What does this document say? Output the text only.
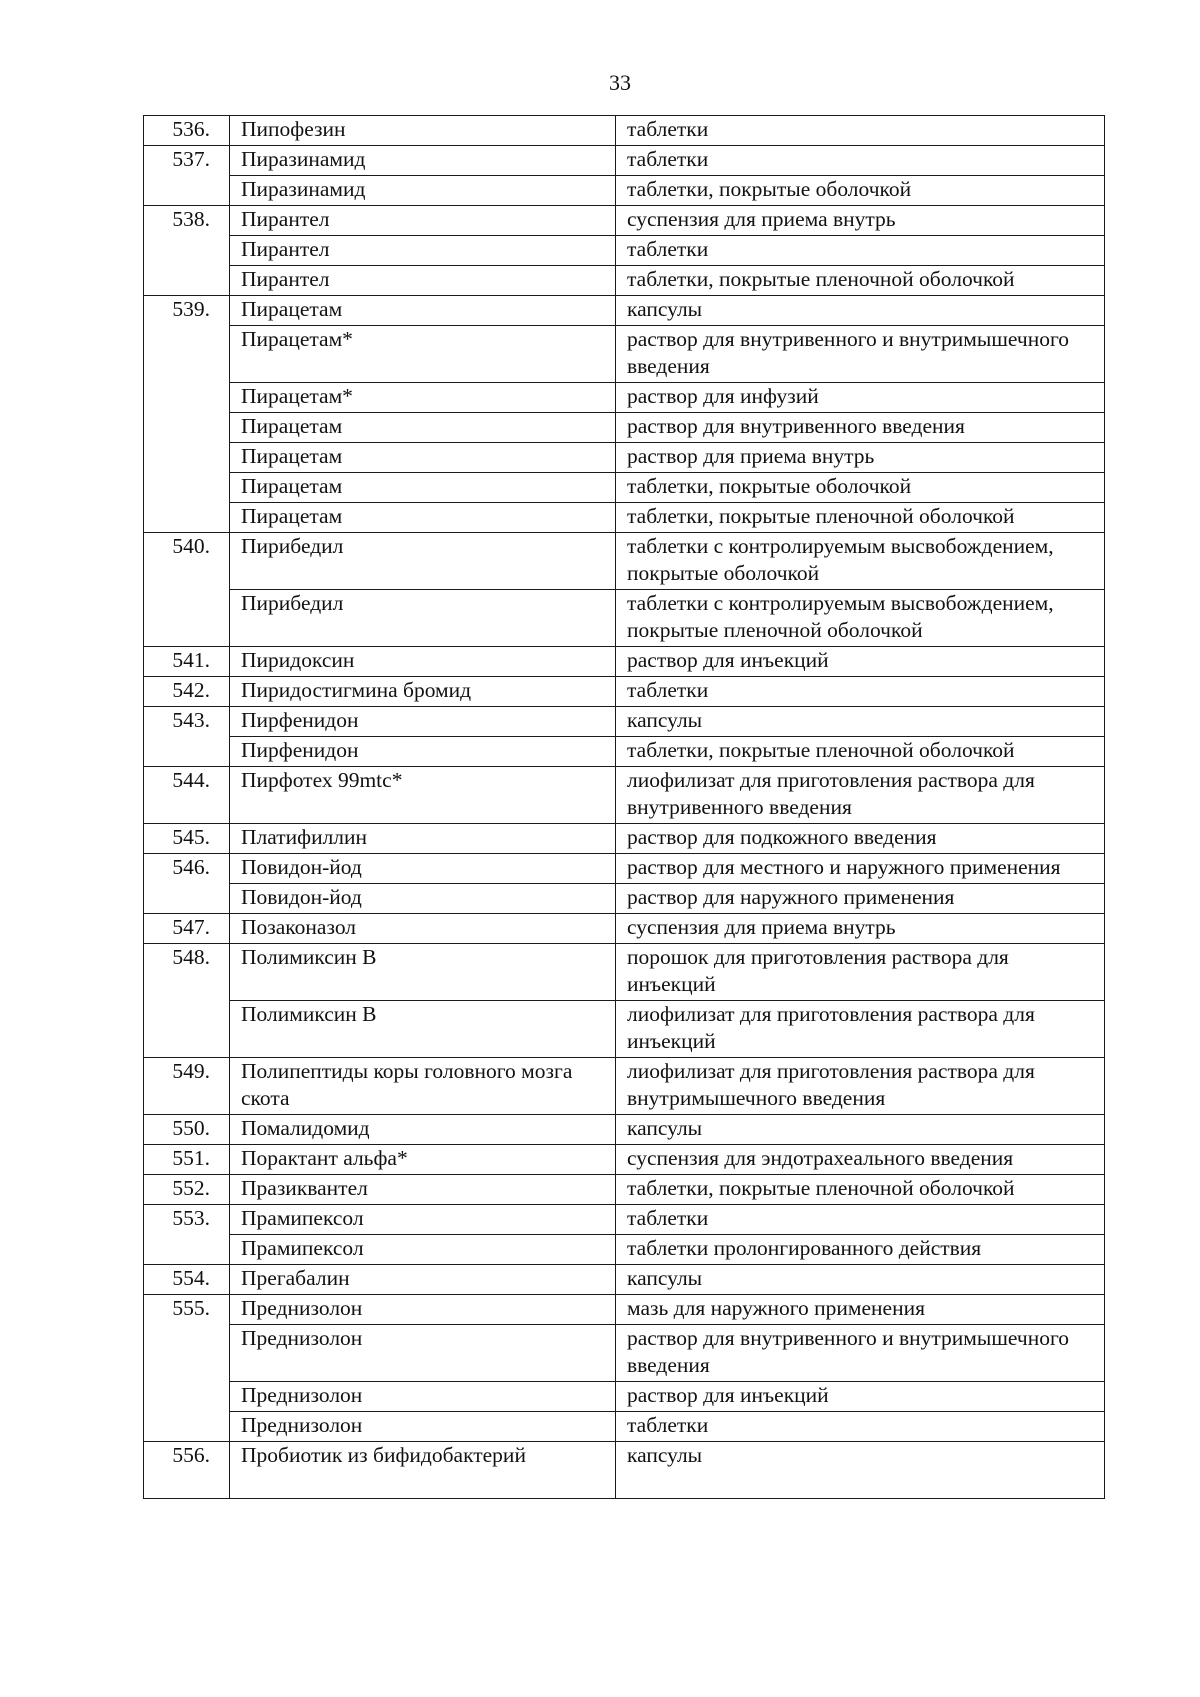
33
536.	Пипофезин	таблетки
537.	Пиразинамид	таблетки
	Пиразинамид	таблетки, покрытые оболочкой
538.	Пирантел	суспензия для приема внутрь
	Пирантел	таблетки
	Пирантел	таблетки, покрытые пленочной оболочкой
539.	Пирацетам	капсулы
	Пирацетам*	раствор для внутривенного и внутримышечного введения
	Пирацетам*	раствор для инфузий
	Пирацетам	раствор для внутривенного введения
	Пирацетам	раствор для приема внутрь
	Пирацетам	таблетки, покрытые оболочкой
	Пирацетам	таблетки, покрытые пленочной оболочкой
540.	Пирибедил	таблетки с контролируемым высвобождением, покрытые оболочкой
	Пирибедил	таблетки с контролируемым высвобождением, покрытые пленочной оболочкой
541.	Пиридоксин	раствор для инъекций
542.	Пиридостигмина бромид	таблетки
543.	Пирфенидон	капсулы
	Пирфенидон	таблетки, покрытые пленочной оболочкой
544.	Пирфотех 99mtc*	лиофилизат для приготовления раствора для внутривенного введения
545.	Платифиллин	раствор для подкожного введения
546.	Повидон-йод	раствор для местного и наружного применения
	Повидон-йод	раствор для наружного применения
547.	Позаконазол	суспензия для приема внутрь
548.	Полимиксин В	порошок для приготовления раствора для инъекций
	Полимиксин В	лиофилизат для приготовления раствора для инъекций
549.	Полипептиды коры головного мозга скота	лиофилизат для приготовления раствора для внутримышечного введения
550.	Помалидомид	капсулы
551.	Порактант альфа*	суспензия для эндотрахеального введения
552.	Празиквантел	таблетки, покрытые пленочной оболочкой
553.	Прамипексол	таблетки
	Прамипексол	таблетки пролонгированного действия
554.	Прегабалин	капсулы
555.	Преднизолон	мазь для наружного применения
	Преднизолон	раствор для внутривенного и внутримышечного введения
	Преднизолон	раствор для инъекций
	Преднизолон	таблетки
556.	Пробиотик из бифидобактерий	капсулы
